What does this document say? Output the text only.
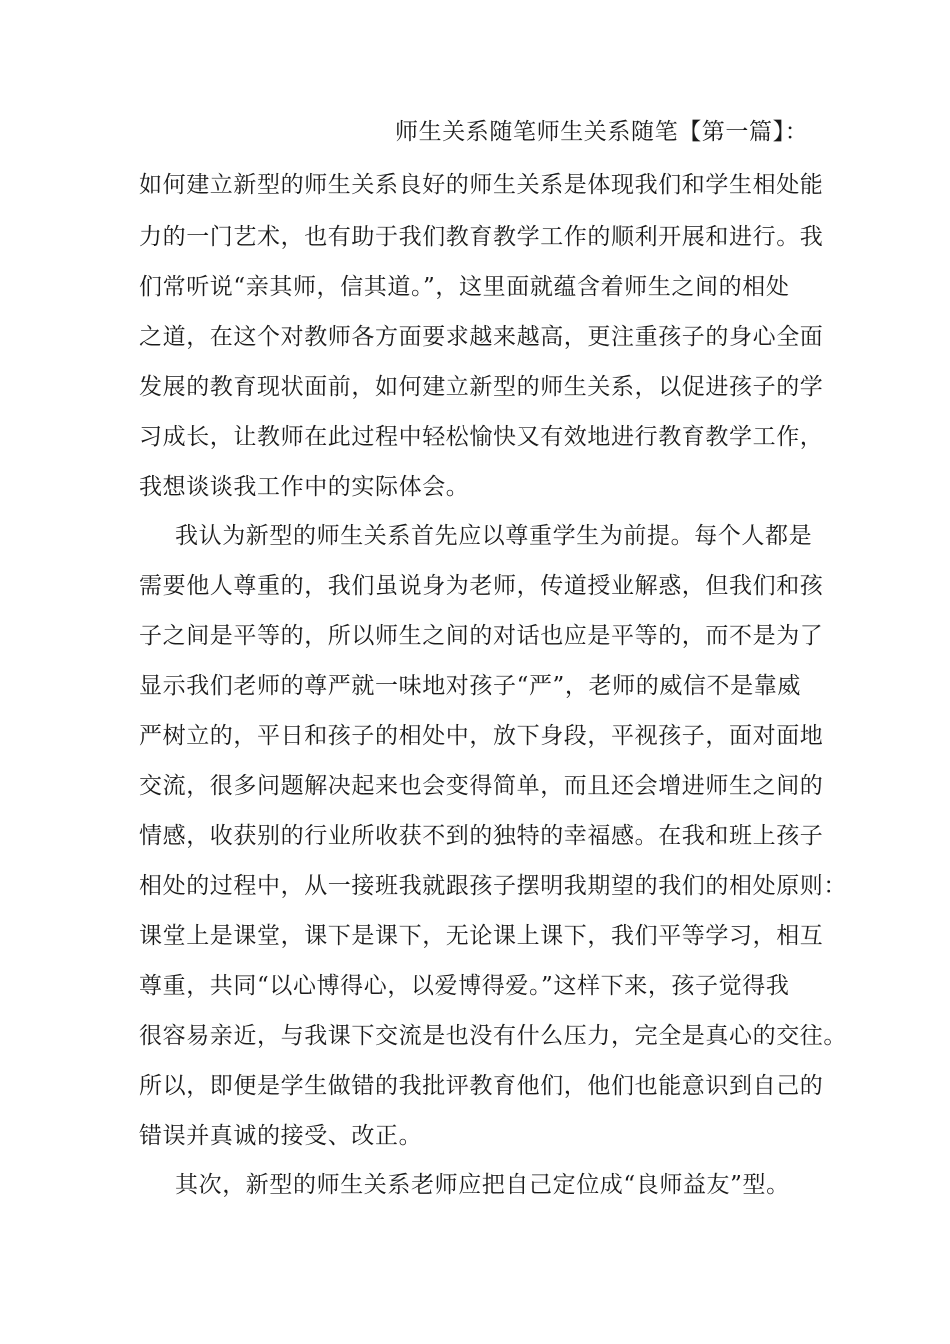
师生关系随笔师生关系随笔【第一篇】：
如何建立新型的师生关系良好的师生关系是体现我们和学生相处能
力的一门艺术，也有助于我们教育教学工作的顺利开展和进行。我
们常听说“亲其师，信其道。”，这里面就蕴含着师生之间的相处
之道，在这个对教师各方面要求越来越高，更注重孩子的身心全面
发展的教育现状面前，如何建立新型的师生关系，以促进孩子的学
习成长，让教师在此过程中轻松愉快又有效地进行教育教学工作，
我想谈谈我工作中的实际体会。
我认为新型的师生关系首先应以尊重学生为前提。每个人都是
需要他人尊重的，我们虽说身为老师，传道授业解惑，但我们和孩
子之间是平等的，所以师生之间的对话也应是平等的，而不是为了
显示我们老师的尊严就一味地对孩子“严”，老师的威信不是靠威
严树立的，平日和孩子的相处中，放下身段，平视孩子，面对面地
交流，很多问题解决起来也会变得简单，而且还会增进师生之间的
情感，收获别的行业所收获不到的独特的幸福感。在我和班上孩子
相处的过程中，从一接班我就跟孩子摆明我期望的我们的相处原则：
课堂上是课堂，课下是课下，无论课上课下，我们平等学习，相互
尊重，共同“以心博得心，以爱博得爱。”这样下来，孩子觉得我
很容易亲近，与我课下交流是也没有什么压力，完全是真心的交往。
所以，即便是学生做错的我批评教育他们，他们也能意识到自己的
错误并真诚的接受、改正。
其次，新型的师生关系老师应把自己定位成“良师益友”型。
